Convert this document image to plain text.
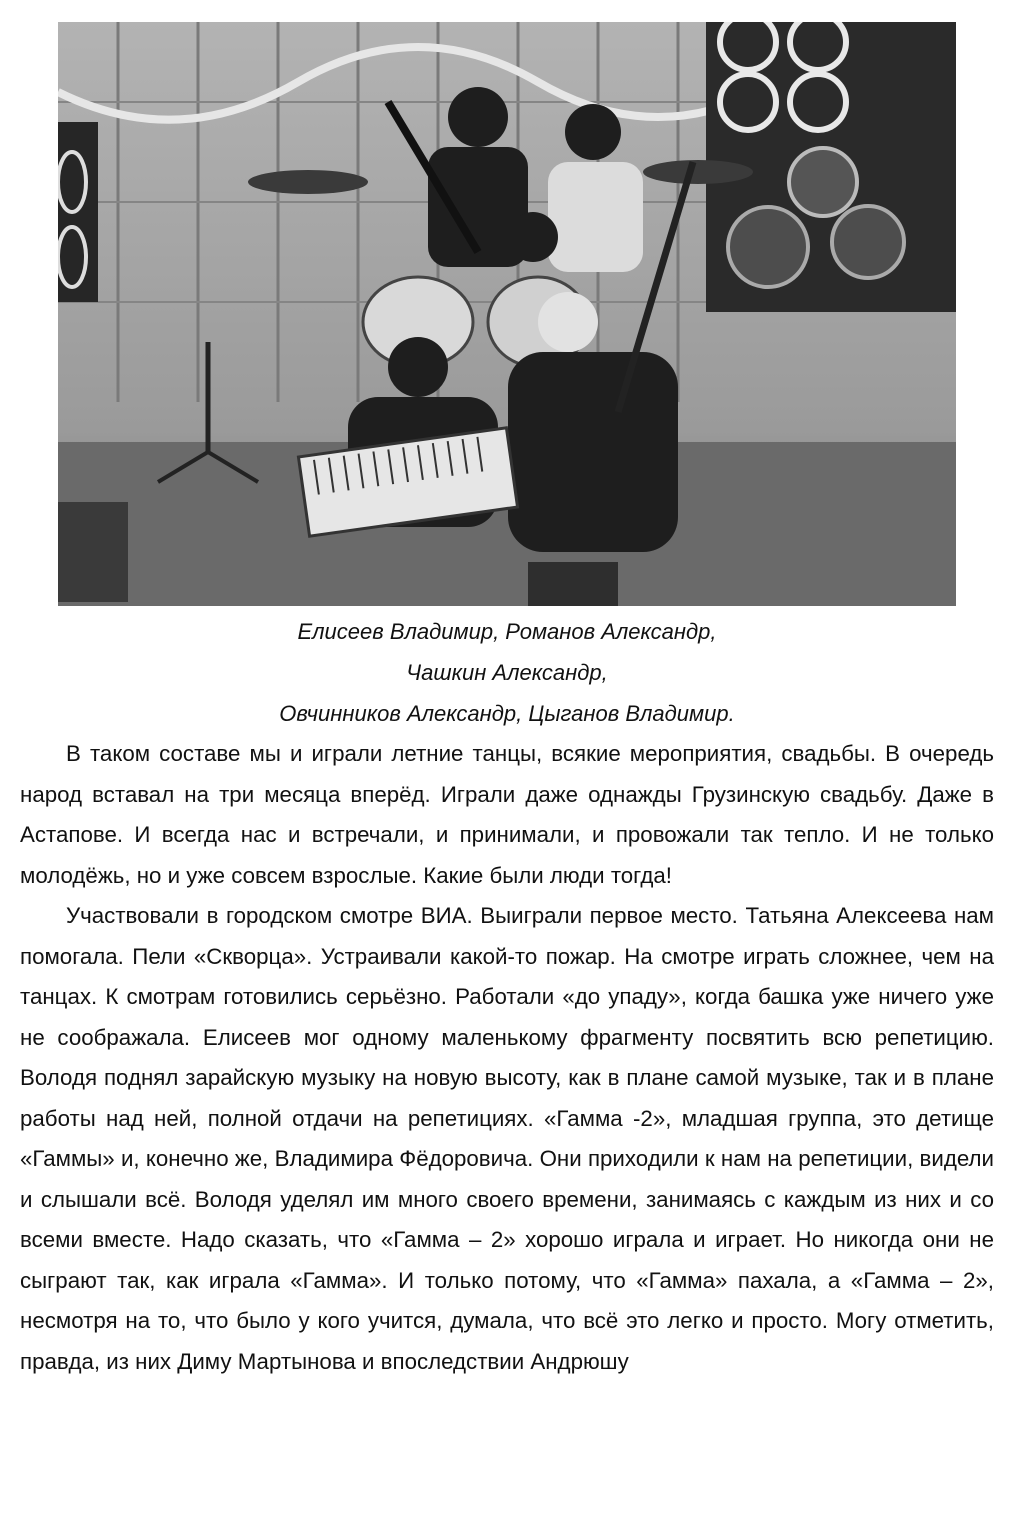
Елисеев Владимир, Романов Александр,
Чашкин Александр,
Овчинников Александр, Цыганов Владимир.

В таком составе мы и играли летние танцы, всякие мероприятия, свадьбы. В очередь народ вставал на три месяца вперёд. Играли даже однажды Грузинскую свадьбу. Даже в Астапове. И всегда нас и встречали, и принимали, и провожали так тепло. И не только молодёжь, но и уже совсем взрослые. Какие были люди тогда!

Участвовали в городском смотре ВИА. Выиграли первое место. Татьяна Алексеева нам помогала. Пели «Скворца». Устраивали какой-то пожар. На смотре играть сложнее, чем на танцах. К смотрам готовились серьёзно. Работали «до упаду», когда башка уже ничего уже не соображала. Елисеев мог одному маленькому фрагменту посвятить всю репетицию. Володя поднял зарайскую музыку на новую высоту, как в плане самой музыке, так и в плане работы над ней, полной отдачи на репетициях. «Гамма -2», младшая группа, это детище «Гаммы» и, конечно же, Владимира Фёдоровича. Они приходили к нам на репетиции, видели и слышали всё. Володя уделял им много своего времени, занимаясь с каждым из них и со всеми вместе. Надо сказать, что «Гамма – 2» хорошо играла и играет. Но никогда они не сыграют так, как играла «Гамма». И только потому, что «Гамма» пахала, а «Гамма – 2», несмотря на то, что было у кого учится, думала, что всё это легко и просто. Могу отметить, правда, из них Диму Мартынова и впоследствии Андрюшу
